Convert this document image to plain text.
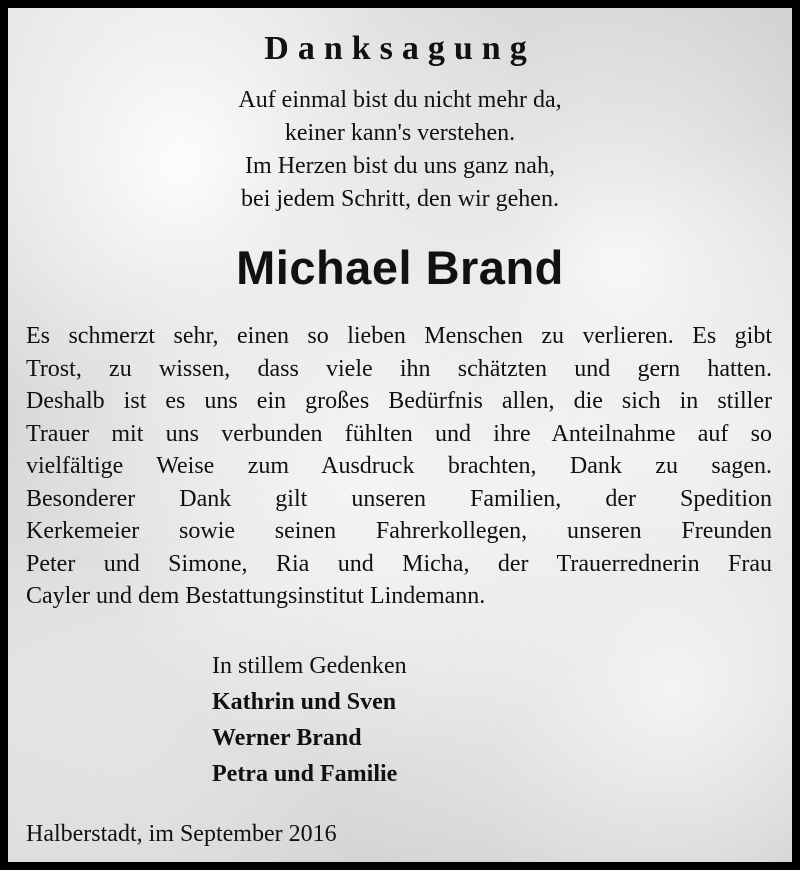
Danksagung
Auf einmal bist du nicht mehr da,
keiner kann's verstehen.
Im Herzen bist du uns ganz nah,
bei jedem Schritt, den wir gehen.
Michael Brand
Es schmerzt sehr, einen so lieben Menschen zu verlieren. Es gibt
Trost, zu wissen, dass viele ihn schätzten und gern hatten.
Deshalb ist es uns ein großes Bedürfnis allen, die sich in stiller
Trauer mit uns verbunden fühlten und ihre Anteilnahme auf so
vielfältige Weise zum Ausdruck brachten, Dank zu sagen.
Besonderer Dank gilt unseren Familien, der Spedition
Kerkemeier sowie seinen Fahrerkollegen, unseren Freunden
Peter und Simone, Ria und Micha, der Trauerrednerin Frau
Cayler und dem Bestattungsinstitut Lindemann.
In stillem Gedenken
Kathrin und Sven
Werner Brand
Petra und Familie
Halberstadt, im September 2016
